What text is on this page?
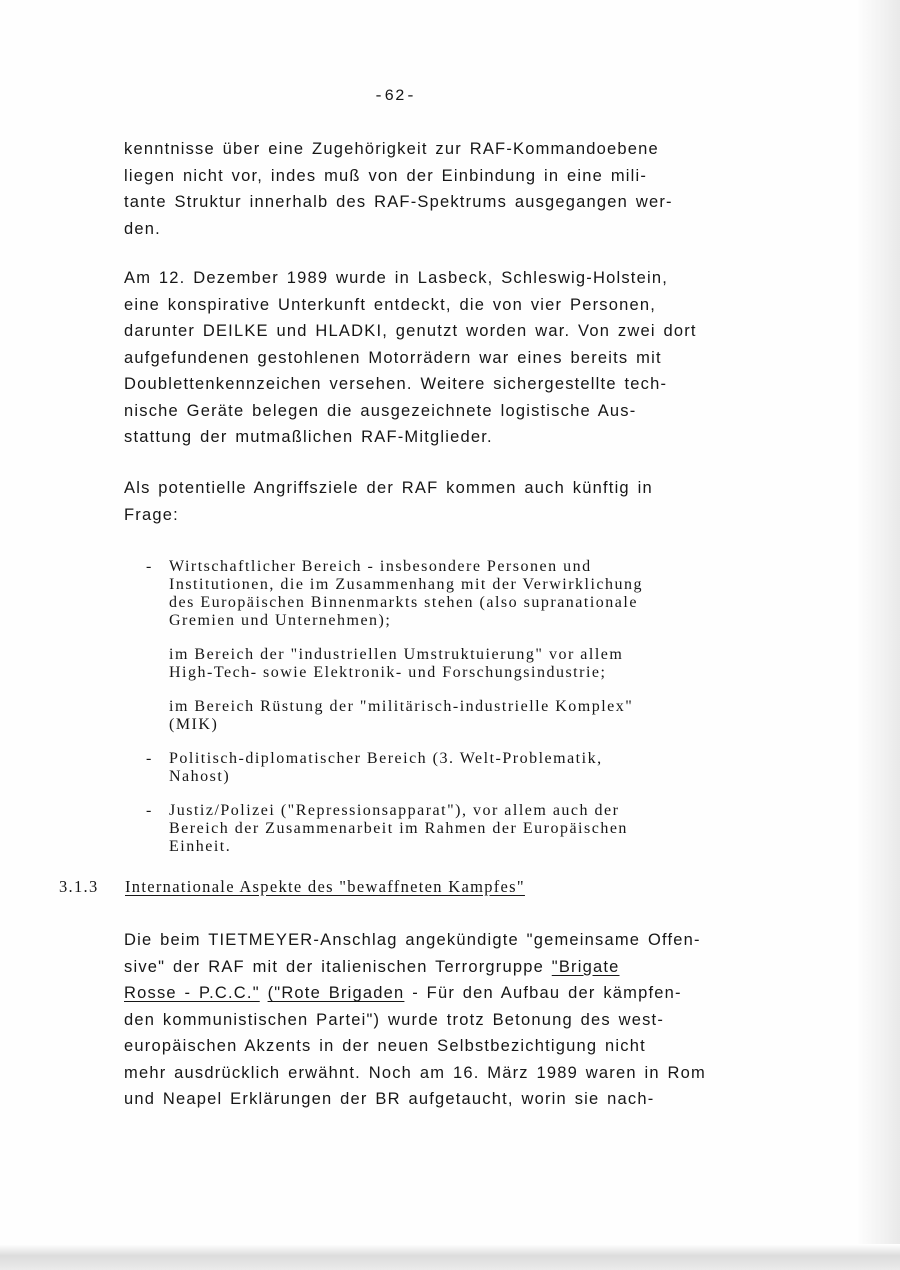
-62-

kenntnisse über eine Zugehörigkeit zur RAF-Kommandoebene
liegen nicht vor, indes muß von der Einbindung in eine mili-
tante Struktur innerhalb des RAF-Spektrums ausgegangen wer-
den.

Am 12. Dezember 1989 wurde in Lasbeck, Schleswig-Holstein,
eine konspirative Unterkunft entdeckt, die von vier Personen,
darunter DEILKE und HLADKI, genutzt worden war. Von zwei dort
aufgefundenen gestohlenen Motorrädern war eines bereits mit
Doublettenkennzeichen versehen. Weitere sichergestellte tech-
nische Geräte belegen die ausgezeichnete logistische Aus-
stattung der mutmaßlichen RAF-Mitglieder.

Als potentielle Angriffsziele der RAF kommen auch künftig in
Frage:

- Wirtschaftlicher Bereich - insbesondere Personen und
Institutionen, die im Zusammenhang mit der Verwirklichung
des Europäischen Binnenmarkts stehen (also supranationale
Gremien und Unternehmen);
im Bereich der "industriellen Umstruktuierung" vor allem
High-Tech- sowie Elektronik- und Forschungsindustrie;
im Bereich Rüstung der "militärisch-industrielle Komplex"
(MIK)
- Politisch-diplomatischer Bereich (3. Welt-Problematik,
Nahost)
- Justiz/Polizei ("Repressionsapparat"), vor allem auch der
Bereich der Zusammenarbeit im Rahmen der Europäischen
Einheit.
3.1.3 Internationale Aspekte des "bewaffneten Kampfes"

Die beim TIETMEYER-Anschlag angekündigte "gemeinsame Offen-
sive" der RAF mit der italienischen Terrorgruppe "Brigate
Rosse - P.C.C." ("Rote Brigaden - Für den Aufbau der kämpfen-
den kommunistischen Partei") wurde trotz Betonung des west-
europäischen Akzents in der neuen Selbstbezichtigung nicht
mehr ausdrücklich erwähnt. Noch am 16. März 1989 waren in Rom
und Neapel Erklärungen der BR aufgetaucht, worin sie nach-
